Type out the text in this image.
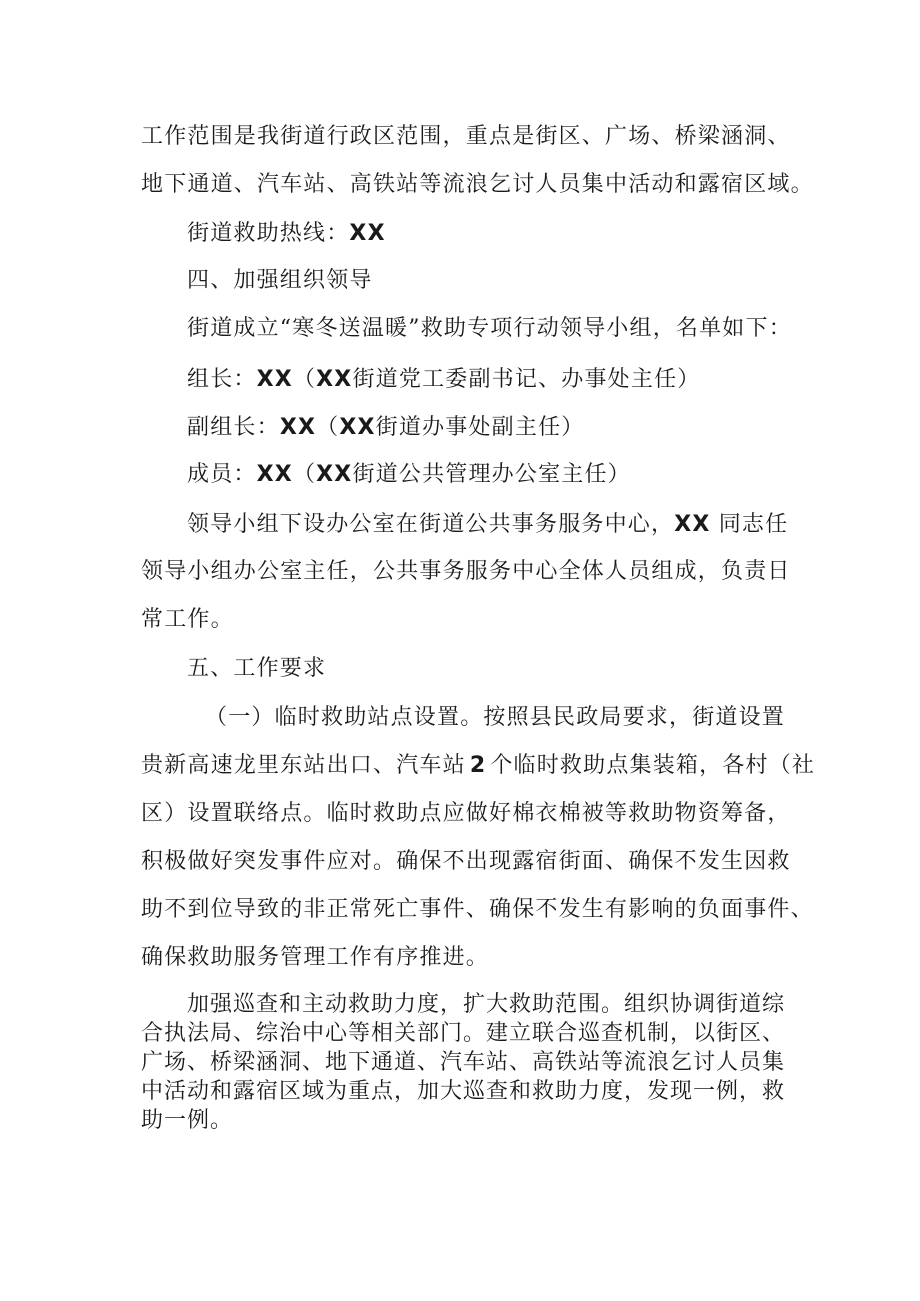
工作范围是我街道行政区范围，重点是街区、广场、桥梁涵洞、
地下通道、汽车站、高铁站等流浪乞讨人员集中活动和露宿区域。
街道救助热线：XX
四、加强组织领导
街道成立“寒冬送温暖”救助专项行动领导小组，名单如下：
组长：XX（XX街道党工委副书记、办事处主任）
副组长：XX（XX街道办事处副主任）
成员：XX（XX街道公共管理办公室主任）
领导小组下设办公室在街道公共事务服务中心，XX 同志任
领导小组办公室主任，公共事务服务中心全体人员组成，负责日
常工作。
五、工作要求
（一）临时救助站点设置。按照县民政局要求，街道设置
贵新高速龙里东站出口、汽车站 2 个临时救助点集装箱，各村（社
区）设置联络点。临时救助点应做好棉衣棉被等救助物资筹备，
积极做好突发事件应对。确保不出现露宿街面、确保不发生因救
助不到位导致的非正常死亡事件、确保不发生有影响的负面事件、
确保救助服务管理工作有序推进。
加强巡查和主动救助力度，扩大救助范围。组织协调街道综合执法局、综治中心等相关部门。建立联合巡查机制，以街区、广场、桥梁涵洞、地下通道、汽车站、高铁站等流浪乞讨人员集中活动和露宿区域为重点，加大巡查和救助力度，发现一例，救助一例。
